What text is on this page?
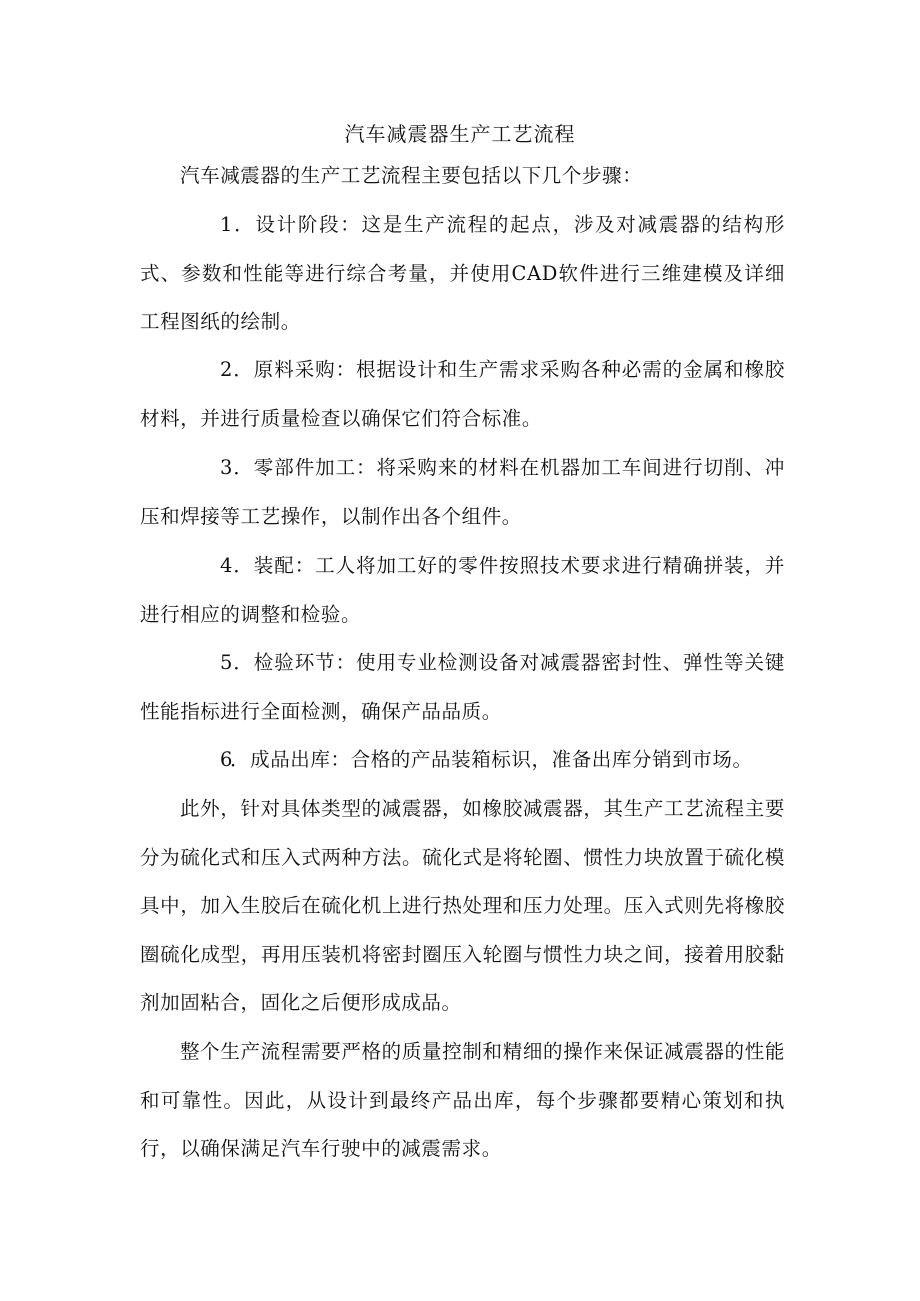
汽车减震器生产工艺流程

汽车减震器的生产工艺流程主要包括以下几个步骤：

1．设计阶段：这是生产流程的起点，涉及对减震器的结构形式、参数和性能等进行综合考量，并使用CAD软件进行三维建模及详细工程图纸的绘制。

2．原料采购：根据设计和生产需求采购各种必需的金属和橡胶材料，并进行质量检查以确保它们符合标准。

3．零部件加工：将采购来的材料在机器加工车间进行切削、冲压和焊接等工艺操作，以制作出各个组件。

4．装配：工人将加工好的零件按照技术要求进行精确拼装，并进行相应的调整和检验。

5．检验环节：使用专业检测设备对减震器密封性、弹性等关键性能指标进行全面检测，确保产品品质。

6．成品出库：合格的产品装箱标识，准备出库分销到市场。

此外，针对具体类型的减震器，如橡胶减震器，其生产工艺流程主要分为硫化式和压入式两种方法。硫化式是将轮圈、惯性力块放置于硫化模具中，加入生胶后在硫化机上进行热处理和压力处理。压入式则先将橡胶圈硫化成型，再用压装机将密封圈压入轮圈与惯性力块之间，接着用胶黏剂加固粘合，固化之后便形成成品。

整个生产流程需要严格的质量控制和精细的操作来保证减震器的性能和可靠性。因此，从设计到最终产品出库，每个步骤都要精心策划和执行，以确保满足汽车行驶中的减震需求。
